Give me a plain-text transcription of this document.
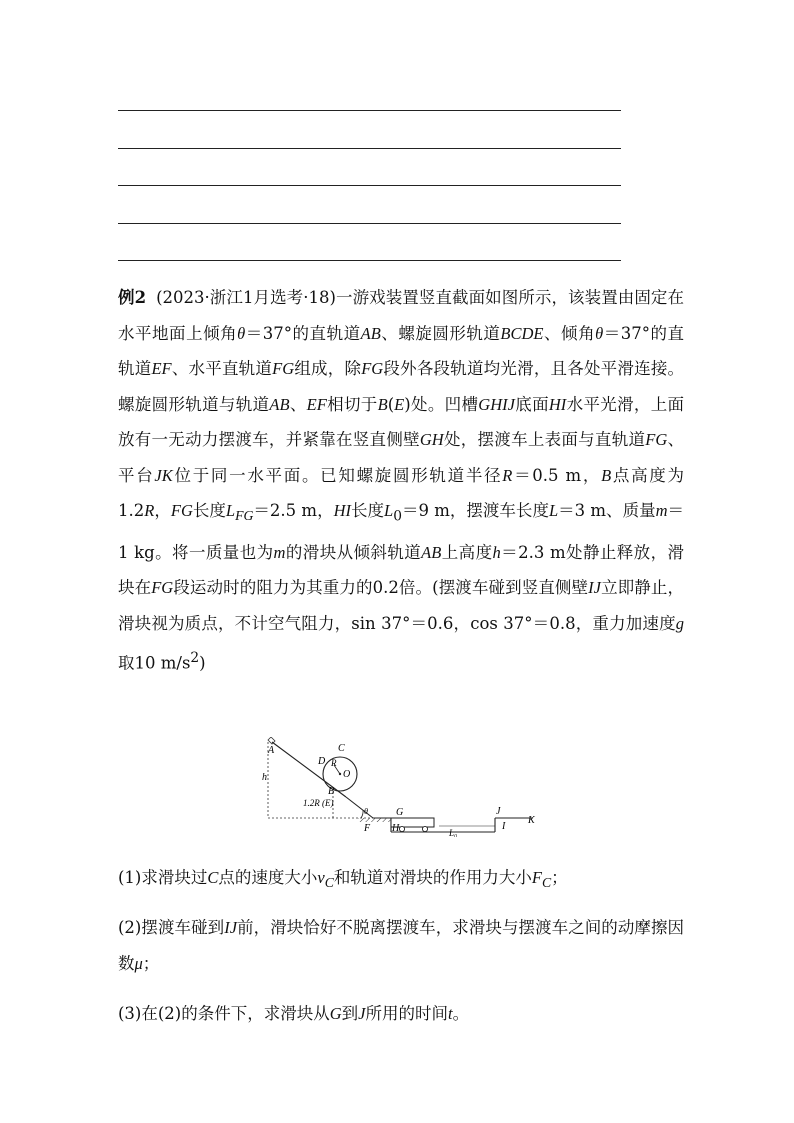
例2 (2023·浙江1月选考·18)一游戏装置竖直截面如图所示，该装置由固定在水平地面上倾角θ＝37°的直轨道AB、螺旋圆形轨道BCDE、倾角θ＝37°的直轨道EF、水平直轨道FG组成，除FG段外各段轨道均光滑，且各处平滑连接。螺旋圆形轨道与轨道AB、EF相切于B(E)处。凹槽GHIJ底面HI水平光滑，上面放有一无动力摆渡车，并紧靠在竖直侧壁GH处，摆渡车上表面与直轨道FG、平台JK位于同一水平面。已知螺旋圆形轨道半径R＝0.5 m，B点高度为1.2R，FG长度$L_{FG}=2.5$ m，HI长度$L_0=9$ m，摆渡车长度L＝3 m、质量m＝1 kg。将一质量也为m的滑块从倾斜轨道AB上高度h＝2.3 m处静止释放，滑块在FG段运动时的阻力为其重力的0.2倍。(摆渡车碰到竖直侧壁IJ立即静止，滑块视为质点，不计空气阻力，sin 37°＝0.6，cos 37°＝0.8，重力加速度g取10 $m/s^2$)

A
h
C
D R
O
B
1.2R (E)
θ
F
G
H	L₀
I
J
K

(1)求滑块过C点的速度大小$v_C$和轨道对滑块的作用力大小$F_C$；

(2)摆渡车碰到IJ前，滑块恰好不脱离摆渡车，求滑块与摆渡车之间的动摩擦因数μ；

(3)在(2)的条件下，求滑块从G到J所用的时间t。
